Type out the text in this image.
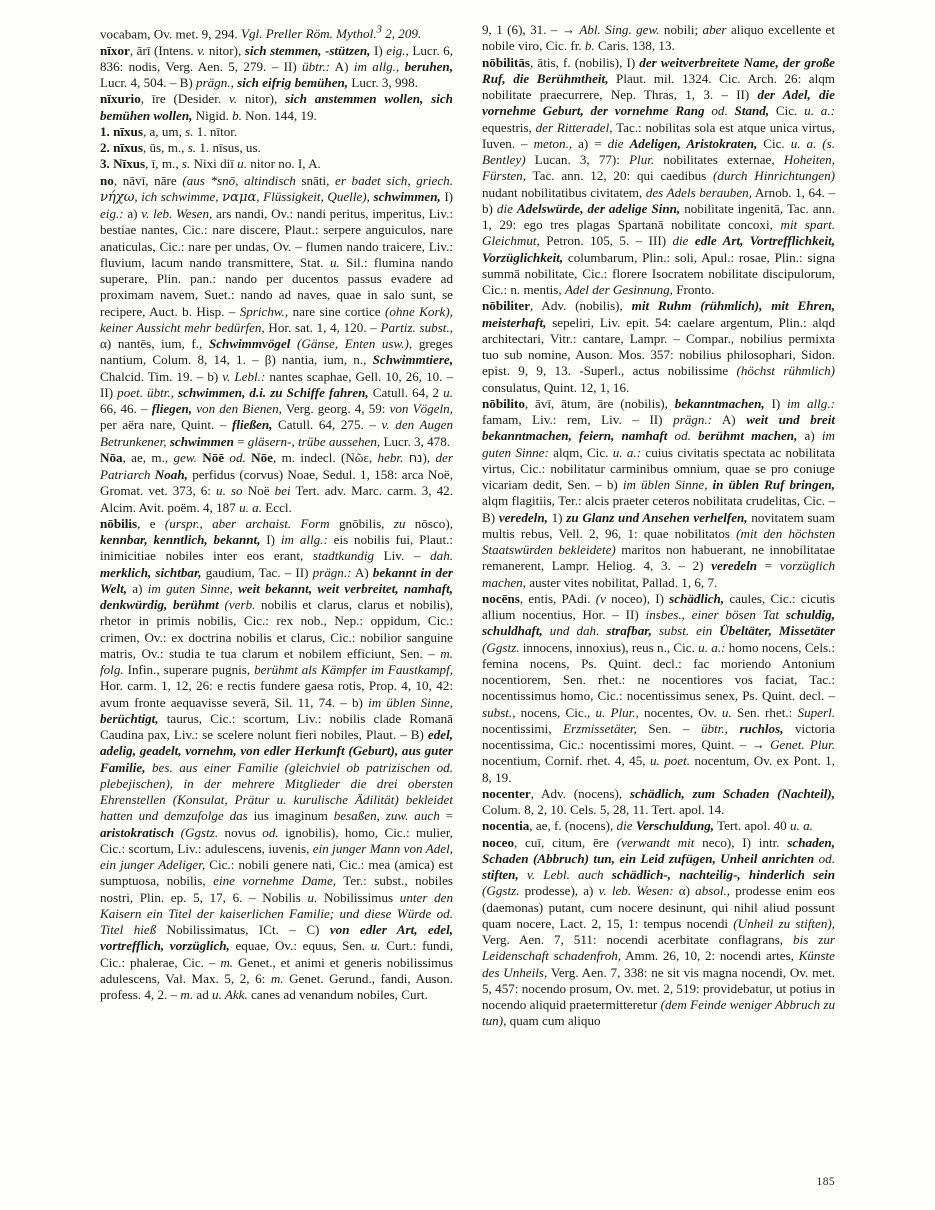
vocabam, Ov. met. 9, 294. Vgl. Preller Röm. Mythol.$^3$ 2, 209.

nīxor, ārī (Intens. v. nitor), sich stemmen, -stützen, I) eig., Lucr. 6, 836: nodis, Verg. Aen. 5, 279. – II) übtr.: A) im allg., beruhen, Lucr. 4, 504. – B) prägn., sich eifrig bemühen, Lucr. 3, 998.

nīxurio, īre (Desider. v. nitor), sich anstemmen wollen, sich bemühen wollen, Nigid. b. Non. 144, 19.

1. nīxus, a, um, s. 1. nītor.

2. nīxus, ūs, m., s. 1. nīsus, us.

3. Nīxus, ī, m., s. Nixi diī u. nitor no. I, A.

no, nāvī, nāre (aus *snō, altindisch snāti, er badet sich, griech. νήχω, ich schwimme, ναμα, Flüssigkeit, Quelle), schwimmen, I) eig.: a) v. leb. Wesen, ars nandi, Ov.: nandi peritus, imperitus, Liv.: bestiae nantes, Cic.: nare discere, Plaut.: serpere anguiculos, nare anaticulas, Cic.: nare per undas, Ov. – flumen nando traicere, Liv.: fluvium, lacum nando transmittere, Stat. u. Sil.: flumina nando superare, Plin. pan.: nando per ducentos passus evadere ad proximam navem, Suet.: nando ad naves, quae in salo sunt, se recipere, Auct. b. Hisp. – Sprichw., nare sine cortice (ohne Kork), keiner Aussicht mehr bedürfen, Hor. sat. 1, 4, 120. – Partiz. subst., α) nantēs, ium, f., Schwimmvögel (Gänse, Enten usw.), greges nantium, Colum. 8, 14, 1. – β) nantia, ium, n., Schwimmtiere, Chalcid. Tim. 19. – b) v. Lebl.: nantes scaphae, Gell. 10, 26, 10. – II) poet. übtr., schwimmen, d.i. zu Schiffe fahren, Catull. 64, 2 u. 66, 46. – fliegen, von den Bienen, Verg. georg. 4, 59: von Vögeln, per aëra nare, Quint. – fließen, Catull. 64, 275. – v. den Augen Betrunkener, schwimmen = gläsern-, trübe aussehen, Lucr. 3, 478.

Nōa, ae, m., gew. Nōē od. Nōe, m. indecl. (Νῶε, hebr. נח), der Patriarch Noah, perfidus (corvus) Noae, Sedul. 1, 158: arca Noë, Gromat. vet. 373, 6: u. so Noë bei Tert. adv. Marc. carm. 3, 42. Alcim. Avit. poëm. 4, 187 u. a. Eccl.

nōbilis, e (urspr., aber archaist. Form gnōbilis, zu nōsco), kennbar, kenntlich, bekannt, I) im allg.: eis nobilis fui, Plaut.: inimicitiae nobiles inter eos erant, stadtkundig Liv. – dah. merklich, sichtbar, gaudium, Tac. – II) prägn.: A) bekannt in der Welt, a) im guten Sinne, weit bekannt, weit verbreitet, namhaft, denkwürdig, berühmt (verb. nobilis et clarus, clarus et nobilis), rhetor in primis nobilis, Cic.: rex nob., Nep.: oppidum, Cic.: crimen, Ov.: ex doctrina nobilis et clarus, Cic.: nobilior sanguine matris, Ov.: studia te tua clarum et nobilem efficiunt, Sen. – m. folg. Infin., superare pugnis, berühmt als Kämpfer im Faustkampf, Hor. carm. 1, 12, 26: e rectis fundere gaesa rotis, Prop. 4, 10, 42: avum fronte aequavisse severā, Sil. 11, 74. – b) im üblen Sinne, berüchtigt, taurus, Cic.: scortum, Liv.: nobilis clade Romanā Caudina pax, Liv.: se scelere nolunt fieri nobiles, Plaut. – B) edel, adelig, geadelt, vornehm, von edler Herkunft (Geburt), aus guter Familie, bes. aus einer Familie (gleichviel ob patrizischen od. plebejischen), in der mehrere Mitglieder die drei obersten Ehrenstellen (Konsulat, Prätur u. kurulische Ädilität) bekleidet hatten und demzufolge das ius imaginum besaßen, zuw. auch = aristokratisch (Ggstz. novus od. ignobilis), homo, Cic.: mulier, Cic.: scortum, Liv.: adulescens, iuvenis, ein junger Mann von Adel, ein junger Adeliger, Cic.: nobili genere nati, Cic.: mea (amica) est sumptuosa, nobilis, eine vornehme Dame, Ter.: subst., nobiles nostri, Plin. ep. 5, 17, 6. – Nobilis u. Nobilissimus unter den Kaisern ein Titel der kaiserlichen Familie; und diese Würde od. Titel hieß Nobilissimatus, ICt. – C) von edler Art, edel, vortrefflich, vorzüglich, equae, Ov.: equus, Sen. u. Curt.: fundi, Cic.: phalerae, Cic. – m. Genet., et animi et generis nobilissimus adulescens, Val. Max. 5, 2, 6: m. Genet. Gerund., fandi, Auson. profess. 4, 2. – m. ad u. Akk. canes ad venandum nobiles, Curt.

9, 1 (6), 31. – → Abl. Sing. gew. nobili; aber aliquo excellente et nobile viro, Cic. fr. b. Caris. 138, 13.

nōbilitās, ātis, f. (nobilis), I) der weitverbreitete Name, der große Ruf, die Berühmtheit, Plaut. mil. 1324. Cic. Arch. 26: alqm nobilitate praecurrere, Nep. Thras, 1, 3. – II) der Adel, die vornehme Geburt, der vornehme Rang od. Stand, Cic. u. a.: equestris, der Ritteradel, Tac.: nobilitas sola est atque unica virtus, Iuven. – meton., a) = die Adeligen, Aristokraten, Cic. u. a. (s. Bentley) Lucan. 3, 77): Plur. nobilitates externae, Hoheiten, Fürsten, Tac. ann. 12, 20: qui caedibus (durch Hinrichtungen) nudant nobilitatibus civitatem, des Adels berauben, Arnob. 1, 64. – b) die Adelswürde, der adelige Sinn, nobilitate ingenitā, Tac. ann. 1, 29: ego tres plagas Spartanā nobilitate concoxi, mit spart. Gleichmut, Petron. 105, 5. – III) die edle Art, Vortrefflichkeit, Vorzüglichkeit, columbarum, Plin.: soli, Apul.: rosae, Plin.: signa summā nobilitate, Cic.: florere Isocratem nobilitate discipulorum, Cic.: n. mentis, Adel der Gesinnung, Fronto.

nōbiliter, Adv. (nobilis), mit Ruhm (rühmlich), mit Ehren, meisterhaft, sepeliri, Liv. epit. 54: caelare argentum, Plin.: alqd architectari, Vitr.: cantare, Lampr. – Compar., nobilius permixta tuo sub nomine, Auson. Mos. 357: nobilius philosophari, Sidon. epist. 9, 9, 13. -Superl., actus nobilissime (höchst rühmlich) consulatus, Quint. 12, 1, 16.

nōbilito, āvī, ātum, āre (nobilis), bekanntmachen, I) im allg.: famam, Liv.: rem, Liv. – II) prägn.: A) weit und breit bekanntmachen, feiern, namhaft od. berühmt machen, a) im guten Sinne: alqm, Cic. u. a.: cuius civitatis spectata ac nobilitata virtus, Cic.: nobilitatur carminibus omnium, quae se pro coniuge vicariam dedit, Sen. – b) im üblen Sinne, in üblen Ruf bringen, alqm flagitiis, Ter.: alcis praeter ceteros nobilitata crudelitas, Cic. – B) veredeln, 1) zu Glanz und Ansehen verhelfen, novitatem suam multis rebus, Vell. 2, 96, 1: quae nobilitatos (mit den höchsten Staatswürden bekleidete) maritos non habuerant, ne innobilitatae remanerent, Lampr. Heliog. 4, 3. – 2) veredeln = vorzüglich machen, auster vites nobilitat, Pallad. 1, 6, 7.

nocēns, entis, PAdi. (v noceo), I) schädlich, caules, Cic.: cicutis allium nocentius, Hor. – II) insbes., einer bösen Tat schuldig, schuldhaft, und dah. strafbar, subst. ein Übeltäter, Missetäter (Ggstz. innocens, innoxius), reus n., Cic. u. a.: homo nocens, Cels.: femina nocens, Ps. Quint. decl.: fac moriendo Antonium nocentiorem, Sen. rhet.: ne nocentiores vos faciat, Tac.: nocentissimus homo, Cic.: nocentissimus senex, Ps. Quint. decl. – subst., nocens, Cic., u. Plur., nocentes, Ov. u. Sen. rhet.: Superl. nocentissimi, Erzmissetäter, Sen. – übtr., ruchlos, victoria nocentissima, Cic.: nocentissimi mores, Quint. – → Genet. Plur. nocentium, Cornif. rhet. 4, 45, u. poet. nocentum, Ov. ex Pont. 1, 8, 19.

nocenter, Adv. (nocens), schädlich, zum Schaden (Nachteil), Colum. 8, 2, 10. Cels. 5, 28, 11. Tert. apol. 14.

nocentia, ae, f. (nocens), die Verschuldung, Tert. apol. 40 u. a.

noceo, cuī, citum, ēre (verwandt mit neco), I) intr. schaden, Schaden (Abbruch) tun, ein Leid zufügen, Unheil anrichten od. stiften, v. Lebl. auch schädlich-, nachteilig-, hinderlich sein (Ggstz. prodesse), a) v. leb. Wesen: α) absol., prodesse enim eos (daemonas) putant, cum nocere desinunt, qui nihil aliud possunt quam nocere, Lact. 2, 15, 1: tempus nocendi (Unheil zu stiften), Verg. Aen. 7, 511: nocendi acerbitate conflagrans, bis zur Leidenschaft schadenfroh, Amm. 26, 10, 2: nocendi artes, Künste des Unheils, Verg. Aen. 7, 338: ne sit vis magna nocendi, Ov. met. 5, 457: nocendo prosum, Ov. met. 2, 519: providebatur, ut potius in nocendo aliquid praetermitteretur (dem Feinde weniger Abbruch zu tun), quam cum aliquo

185
